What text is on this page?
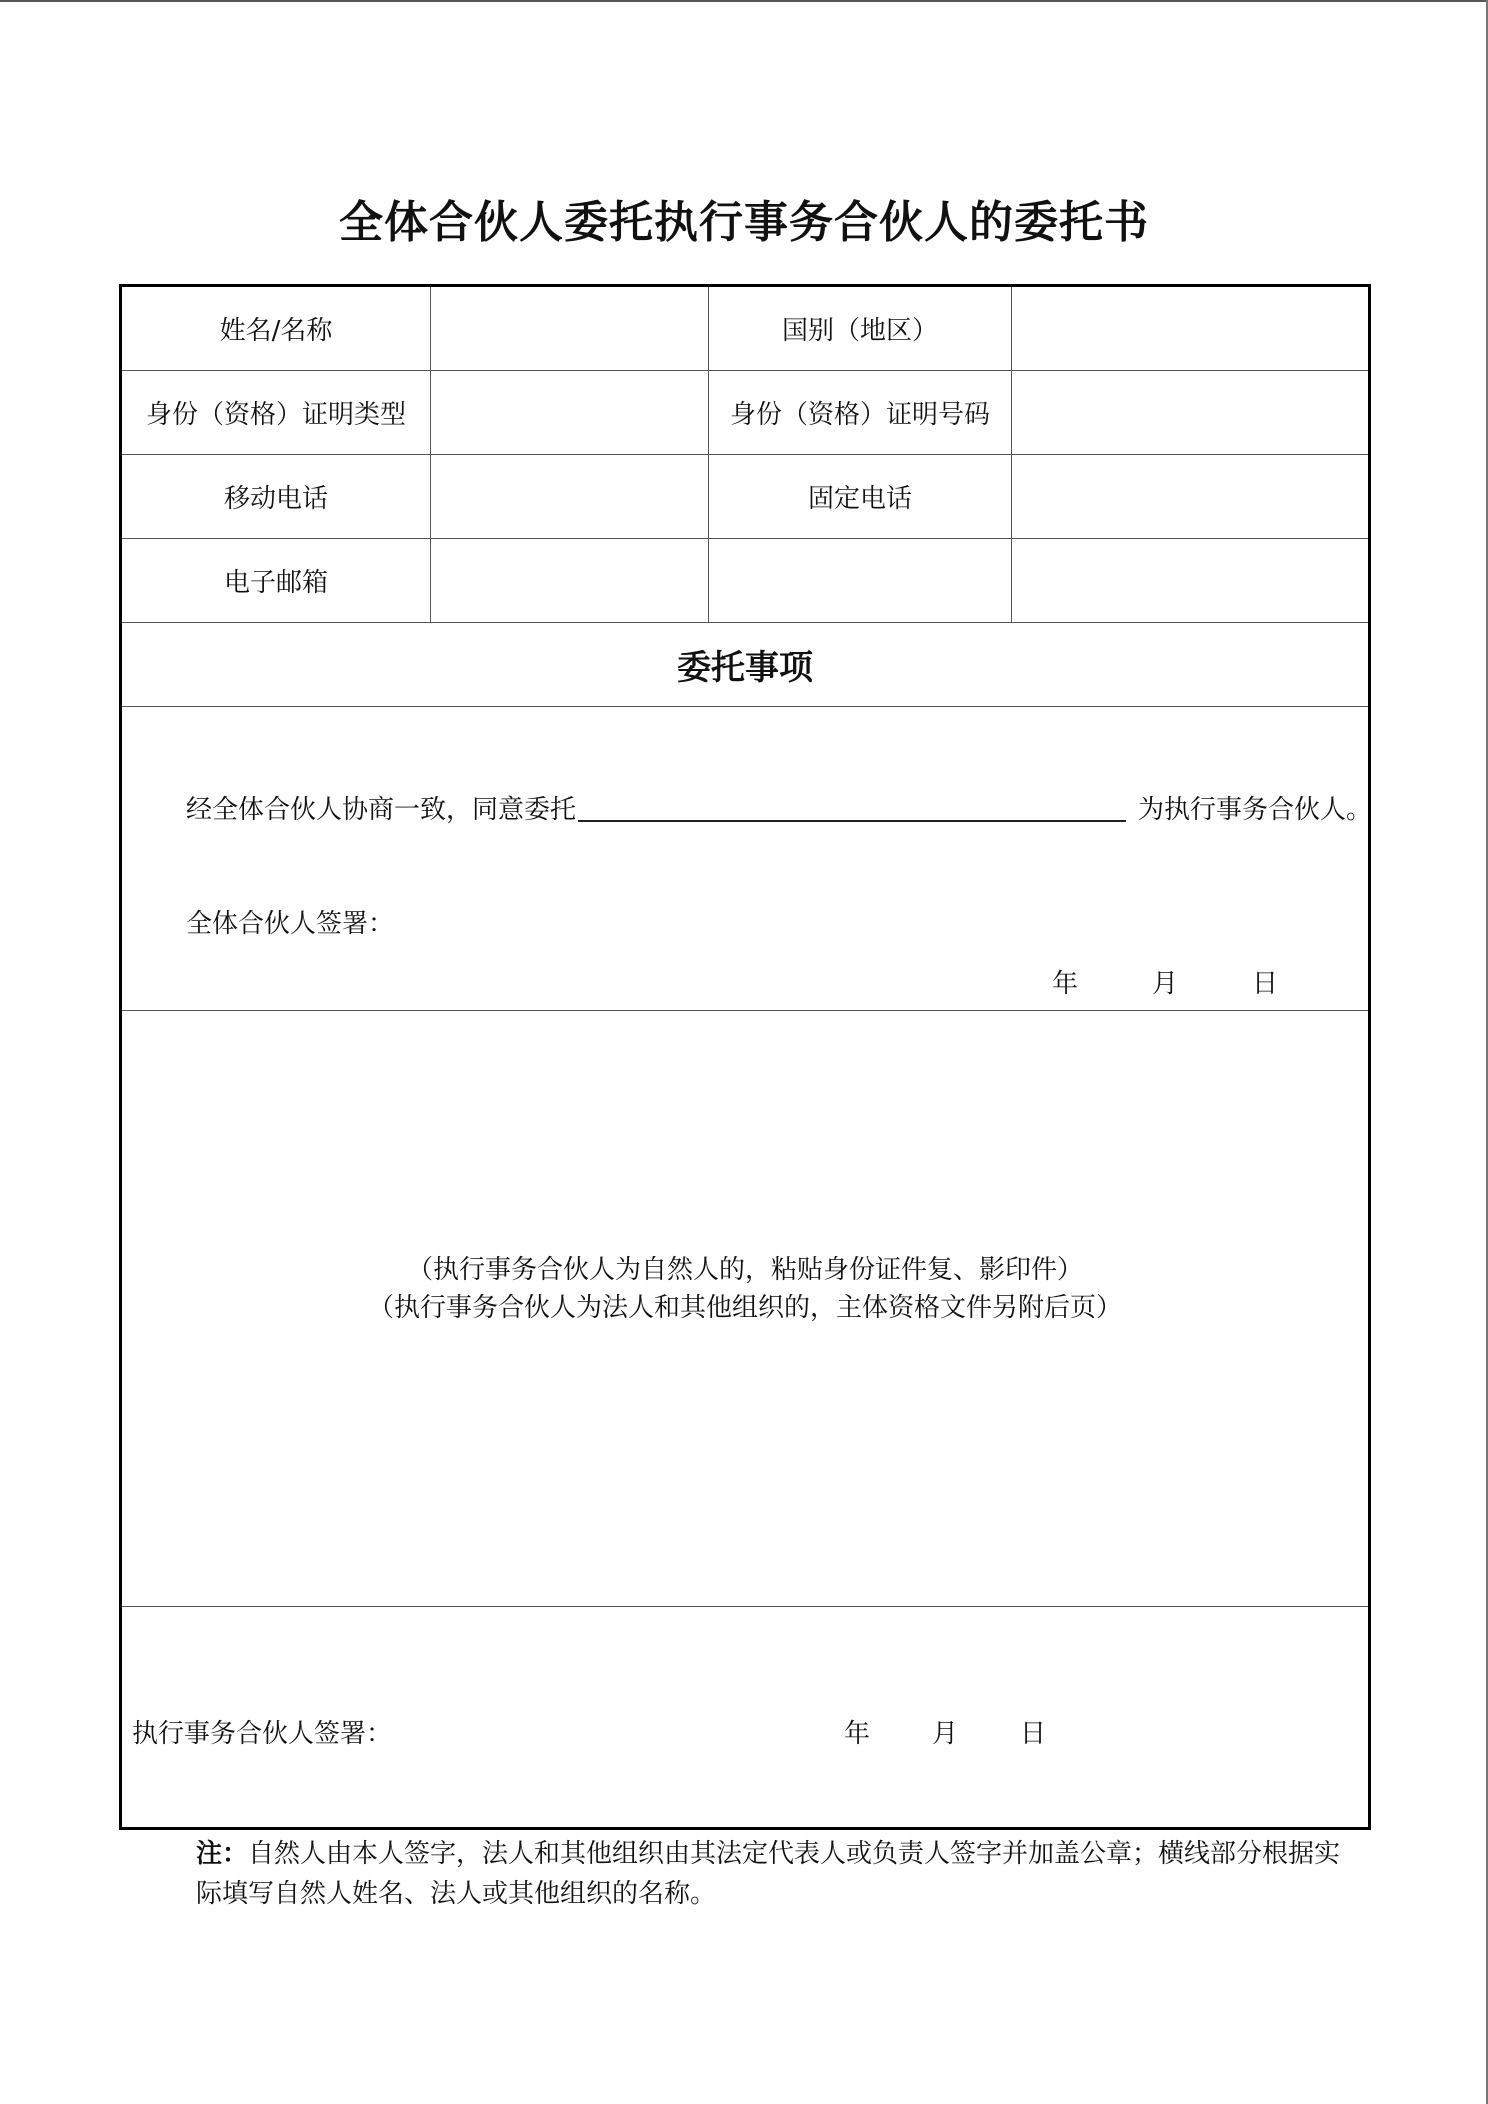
全体合伙人委托执行事务合伙人的委托书
姓名/名称	国别（地区）
身份（资格）证明类型	身份（资格）证明号码
移动电话	固定电话
电子邮箱
委托事项
经全体合伙人协商一致，同意委托	为执行事务合伙人。
全体合伙人签署：
年	月	日
（执行事务合伙人为自然人的，粘贴身份证件复、影印件）
（执行事务合伙人为法人和其他组织的，主体资格文件另附后页）
执行事务合伙人签署：	年 月 日
注：自然人由本人签字，法人和其他组织由其法定代表人或负责人签字并加盖公章；横线部分根据实际填写自然人姓名、法人或其他组织的名称。
